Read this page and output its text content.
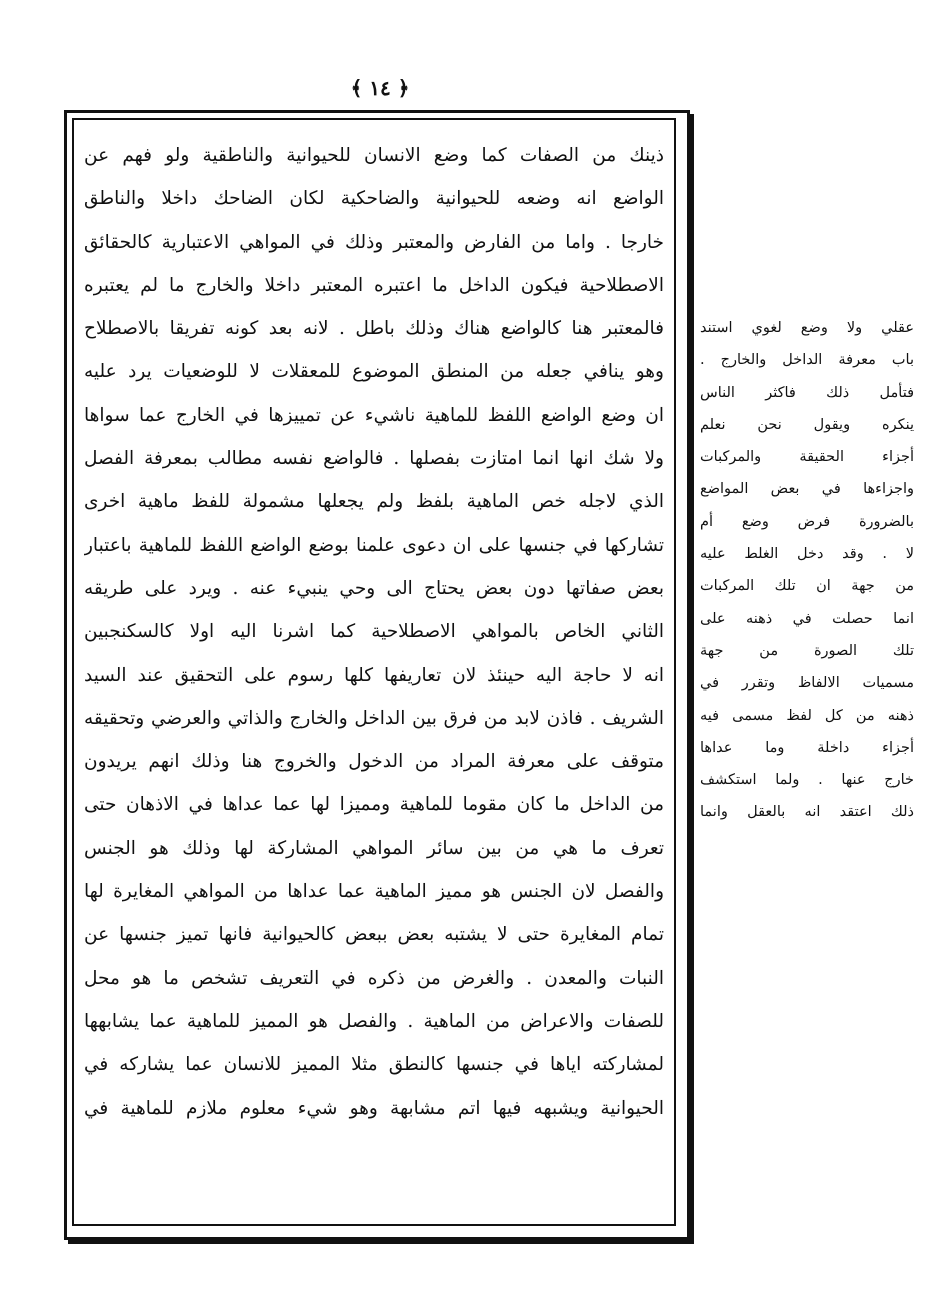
﴿ ١٤ ﴾
ذينك من الصفات كما وضع الانسان للحيوانية والناطقية ولو فهم عن
الواضع انه وضعه للحيوانية والضاحكية لكان الضاحك داخلا والناطق
خارجا . واما من الفارض والمعتبر وذلك في المواهي الاعتبارية كالحقائق
الاصطلاحية فيكون الداخل ما اعتبره المعتبر داخلا والخارج ما لم يعتبره
فالمعتبر هنا كالواضع هناك وذلك باطل . لانه بعد كونه تفريقا بالاصطلاح
وهو ينافي جعله من المنطق الموضوع للمعقلات لا للوضعيات يرد عليه
ان وضع الواضع اللفظ للماهية ناشيء عن تمييزها في الخارج عما سواها
ولا شك انها انما امتازت بفصلها . فالواضع نفسه مطالب بمعرفة الفصل
الذي لاجله خص الماهية بلفظ ولم يجعلها مشمولة للفظ ماهية اخرى
تشاركها في جنسها على ان دعوى علمنا بوضع الواضع اللفظ للماهية باعتبار
بعض صفاتها دون بعض يحتاج الى وحي ينبيء عنه . ويرد على طريقه
الثاني الخاص بالمواهي الاصطلاحية كما اشرنا اليه اولا كالسكنجبين
انه لا حاجة اليه حينئذ لان تعاريفها كلها رسوم على التحقيق عند السيد
الشريف . فاذن لابد من فرق بين الداخل والخارج والذاتي والعرضي وتحقيقه
متوقف على معرفة المراد من الدخول والخروج هنا وذلك انهم يريدون
من الداخل ما كان مقوما للماهية ومميزا لها عما عداها في الاذهان حتى
تعرف ما هي من بين سائر المواهي المشاركة لها وذلك هو الجنس
والفصل لان الجنس هو مميز الماهية عما عداها من المواهي المغايرة لها
تمام المغايرة حتى لا يشتبه بعض ببعض كالحيوانية فانها تميز جنسها عن
النبات والمعدن . والغرض من ذكره في التعريف تشخص ما هو محل
للصفات والاعراض من الماهية . والفصل هو المميز للماهية عما يشابهها
لمشاركته اياها في جنسها كالنطق مثلا المميز للانسان عما يشاركه في
الحيوانية ويشبهه فيها اتم مشابهة وهو شيء معلوم ملازم للماهية في
عقلي ولا وضع لغوي استند
باب معرفة الداخل والخارج .
فتأمل ذلك فاكثر الناس
ينكره ويقول نحن نعلم
أجزاء الحقيقة والمركبات
واجزاءها في بعض المواضع
بالضرورة فرض وضع أم
لا . وقد دخل الغلط عليه
من جهة ان تلك المركبات
انما حصلت في ذهنه على
تلك الصورة من جهة
مسميات الالفاظ وتقرر في
ذهنه من كل لفظ مسمى فيه
أجزاء داخلة وما عداها
خارج عنها . ولما استكشف
ذلك اعتقد انه بالعقل وانما
